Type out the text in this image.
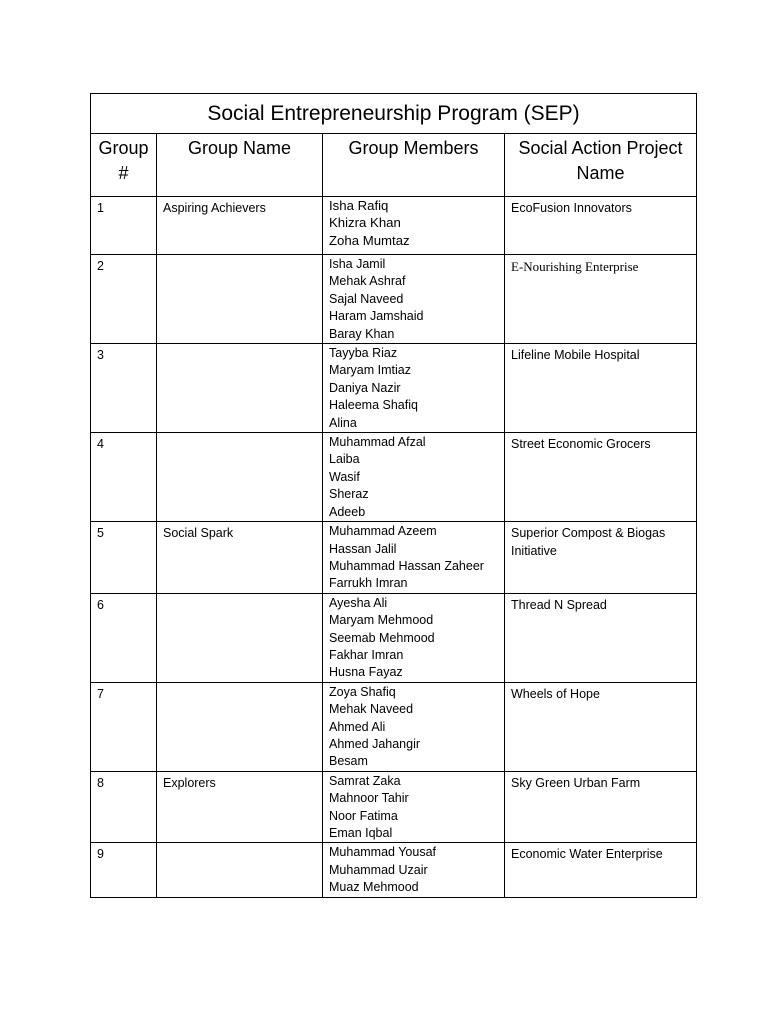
Social Entrepreneurship Program (SEP)			
Group #	Group Name	Group Members	Social Action Project Name
1	Aspiring Achievers	Isha Rafiq
Khizra Khan
Zoha Mumtaz	EcoFusion Innovators
2		Isha Jamil
Mehak Ashraf
Sajal Naveed
Haram Jamshaid
Baray Khan	E-Nourishing Enterprise
3		Tayyba Riaz
Maryam Imtiaz
Daniya Nazir
Haleema Shafiq
Alina	Lifeline Mobile Hospital
4		Muhammad Afzal
Laiba
Wasif
Sheraz
Adeeb	Street Economic Grocers
5	Social Spark	Muhammad Azeem
Hassan Jalil
Muhammad Hassan Zaheer
Farrukh Imran	Superior Compost & Biogas Initiative
6		Ayesha Ali
Maryam Mehmood
Seemab Mehmood
Fakhar Imran
Husna Fayaz	Thread N Spread
7		Zoya Shafiq
Mehak Naveed
Ahmed Ali
Ahmed Jahangir
Besam	Wheels of Hope
8	Explorers	Samrat Zaka
Mahnoor Tahir
Noor Fatima
Eman Iqbal	Sky Green Urban Farm
9		Muhammad Yousaf
Muhammad Uzair
Muaz Mehmood	Economic Water Enterprise
